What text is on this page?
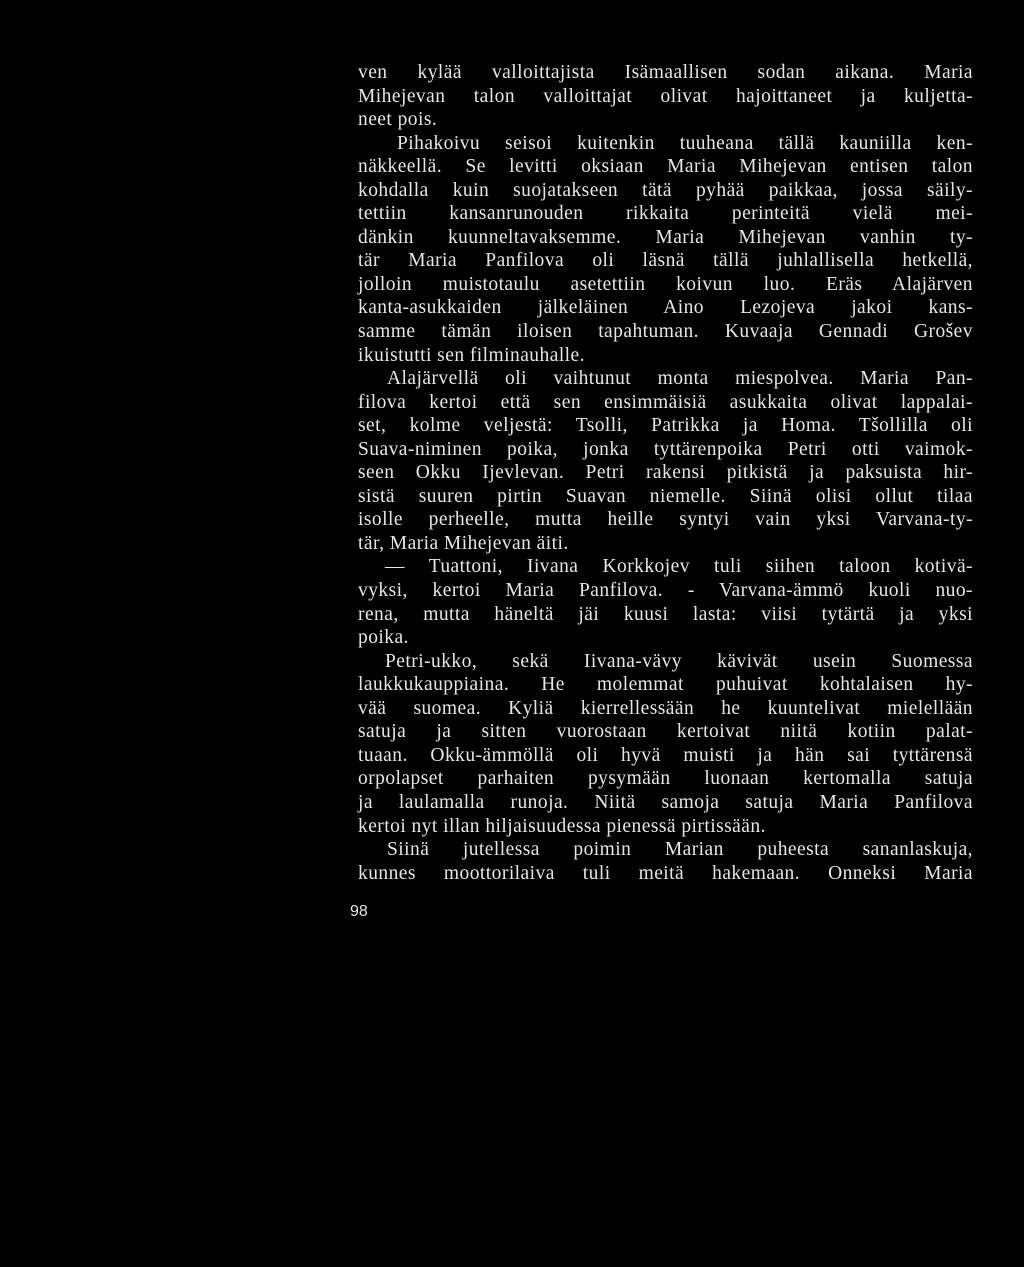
ven kylää valloittajista Isämaallisen sodan aikana. Maria
Mihejevan talon valloittajat olivat hajoittaneet ja kuljetta-
neet pois.
Pihakoivu seisoi kuitenkin tuuheana tällä kauniilla ken-
näkkeellä. Se levitti oksiaan Maria Mihejevan entisen talon
kohdalla kuin suojatakseen tätä pyhää paikkaa, jossa säily-
tettiin kansanrunouden rikkaita perinteitä vielä mei-
dänkin kuunneltavaksemme. Maria Mihejevan vanhin ty-
tär Maria Panfilova oli läsnä tällä juhlallisella hetkellä,
jolloin muistotaulu asetettiin koivun luo. Eräs Alajärven
kanta-asukkaiden jälkeläinen Aino Lezojeva jakoi kans-
samme tämän iloisen tapahtuman. Kuvaaja Gennadi Grošev
ikuistutti sen filminauhalle.
Alajärvellä oli vaihtunut monta miespolvea. Maria Pan-
filova kertoi että sen ensimmäisiä asukkaita olivat lappalai-
set, kolme veljestä: Tsolli, Patrikka ja Homa. Tšollilla oli
Suava-niminen poika, jonka tyttärenpoika Petri otti vaimok-
seen Okku Ijevlevan. Petri rakensi pitkistä ja paksuista hir-
sistä suuren pirtin Suavan niemelle. Siinä olisi ollut tilaa
isolle perheelle, mutta heille syntyi vain yksi Varvana-ty-
tär, Maria Mihejevan äiti.
— Tuattoni, Iivana Korkkojev tuli siihen taloon kotivä-
vyksi, kertoi Maria Panfilova. - Varvana-ämmö kuoli nuo-
rena, mutta häneltä jäi kuusi lasta: viisi tytärtä ja yksi
poika.
Petri-ukko, sekä Iivana-vävy kävivät usein Suomessa
laukkukauppiaina. He molemmat puhuivat kohtalaisen hy-
vää suomea. Kyliä kierrellessään he kuuntelivat mielellään
satuja ja sitten vuorostaan kertoivat niitä kotiin palat-
tuaan. Okku-ämmöllä oli hyvä muisti ja hän sai tyttärensä
orpolapset parhaiten pysymään luonaan kertomalla satuja
ja laulamalla runoja. Niitä samoja satuja Maria Panfilova
kertoi nyt illan hiljaisuudessa pienessä pirtissään.
Siinä jutellessa poimin Marian puheesta sananlaskuja,
kunnes moottorilaiva tuli meitä hakemaan. Onneksi Maria
98
